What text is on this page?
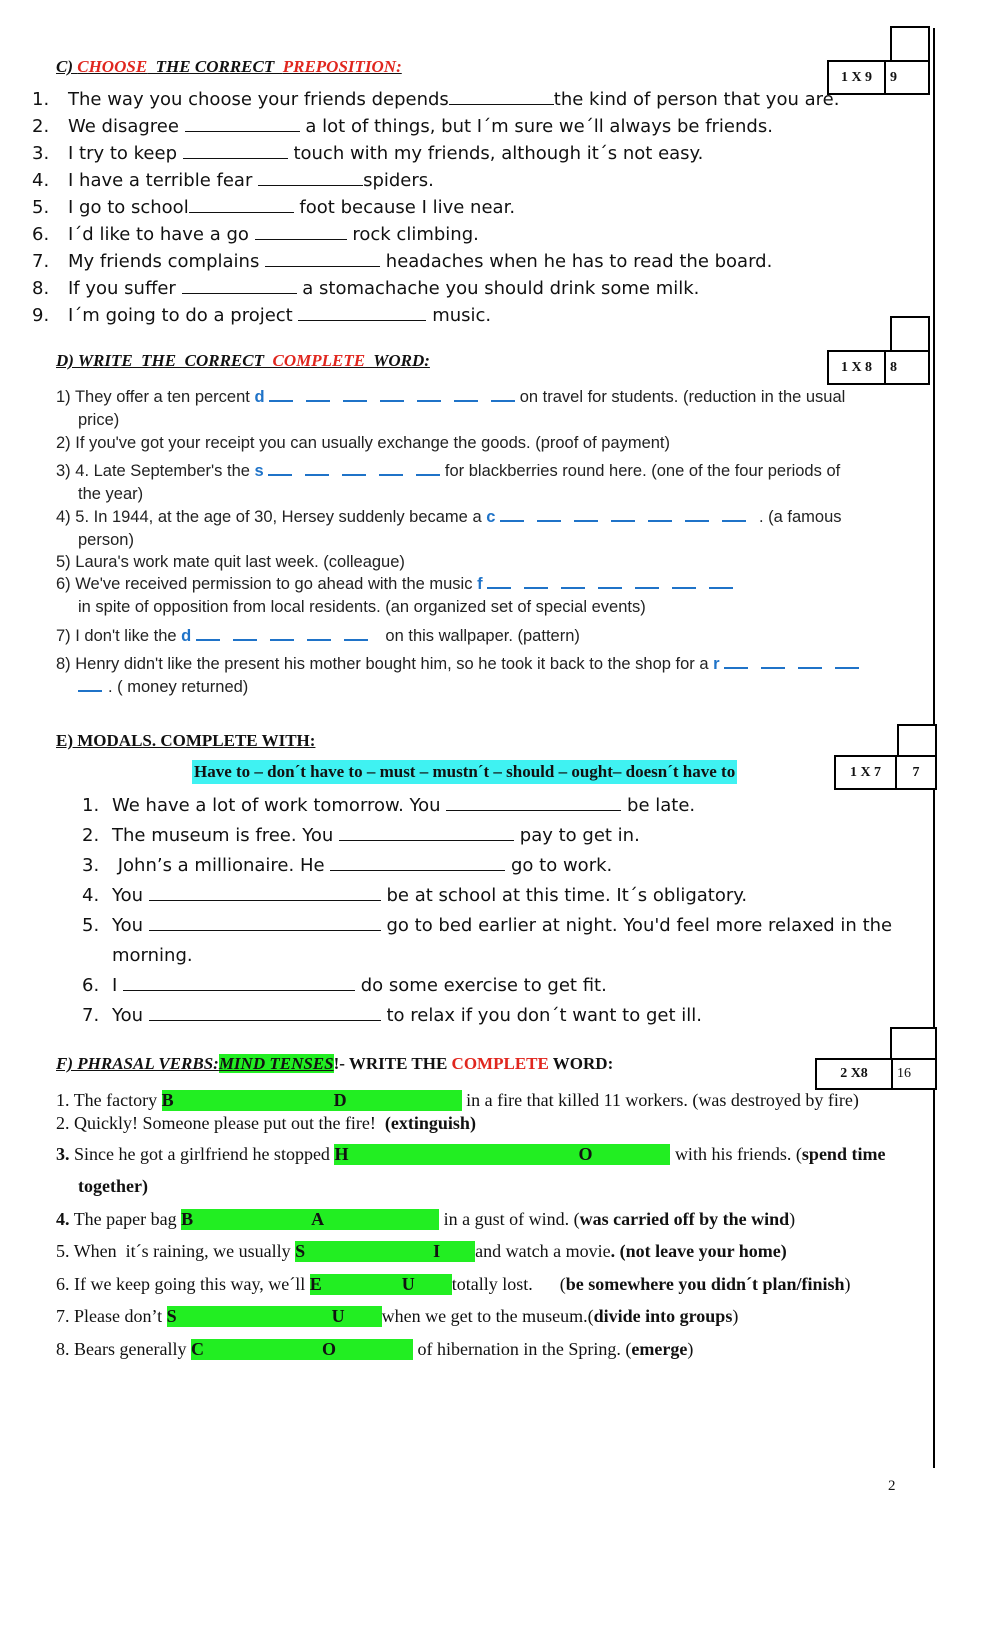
1 X 9	9
C) CHOOSE  THE CORRECT  PREPOSITION:
1. The way you choose your friends depends	the kind of person that you are.
2. We disagree	a lot of things, but I´m sure we´ll always be friends.
3. I try to keep	touch with my friends, although it´s not easy.
4. I have a terrible fear	spiders.
5. I go to school	foot because I live near.
6. I´d like to have a go	rock climbing.
7. My friends complains	headaches when he has to read the board.
8. If you suffer	a stomachache you should drink some milk.
9. I´m going to do a project	music.
1 X 8	8
D) WRITE  THE  CORRECT  COMPLETE  WORD:
1) They offer a ten percent d	on travel for students. (reduction in the usual
price)
2) If you've got your receipt you can usually exchange the goods. (proof of payment)
3) 4. Late September's the s	for blackberries round here. (one of the four periods of
the year)
4) 5. In 1944, at the age of 30, Hersey suddenly became a c	. (a famous
person)
5) Laura's work mate quit last week. (colleague)
6) We've received permission to go ahead with the music f
in spite of opposition from local residents. (an organized set of special events)
7) I don't like the d	on this wallpaper. (pattern)
8) Henry didn't like the present his mother bought him, so he took it back to the shop for a r
. ( money returned)
1 X 7	7
E) MODALS. COMPLETE WITH:
Have to – don´t have to – must – mustn´t – should – ought– doesn´t have to
1. We have a lot of work tomorrow. You	be late.
2. The museum is free. You	pay to get in.
3. John’s a millionaire. He	go to work.
4. You	be at school at this time. It´s obligatory.
5. You	go to bed earlier at night. You'd feel more relaxed in the
morning.
6. I	do some exercise to get fit.
7. You	to relax if you don´t want to get ill.
2 X8	16
F) PHRASAL VERBS:MIND TENSES!- WRITE THE COMPLETE WORD:
1. The factory B	D	in a fire that killed 11 workers. (was destroyed by fire)
2. Quickly! Someone please put out the fire!  (extinguish)
3. Since he got a girlfriend he stopped H	O	with his friends. (spend time
together)
4. The paper bag B	A	in a gust of wind. (was carried off by the wind)
5. When  it´s raining, we usually S	I and watch a movie. (not leave your home)
6. If we keep going this way, we´ll E	U totally lost.      (be somewhere you didn´t plan/finish)
7. Please don’t S	U when we get to the museum.(divide into groups)
8. Bears generally C	O	of hibernation in the Spring. (emerge)
2
